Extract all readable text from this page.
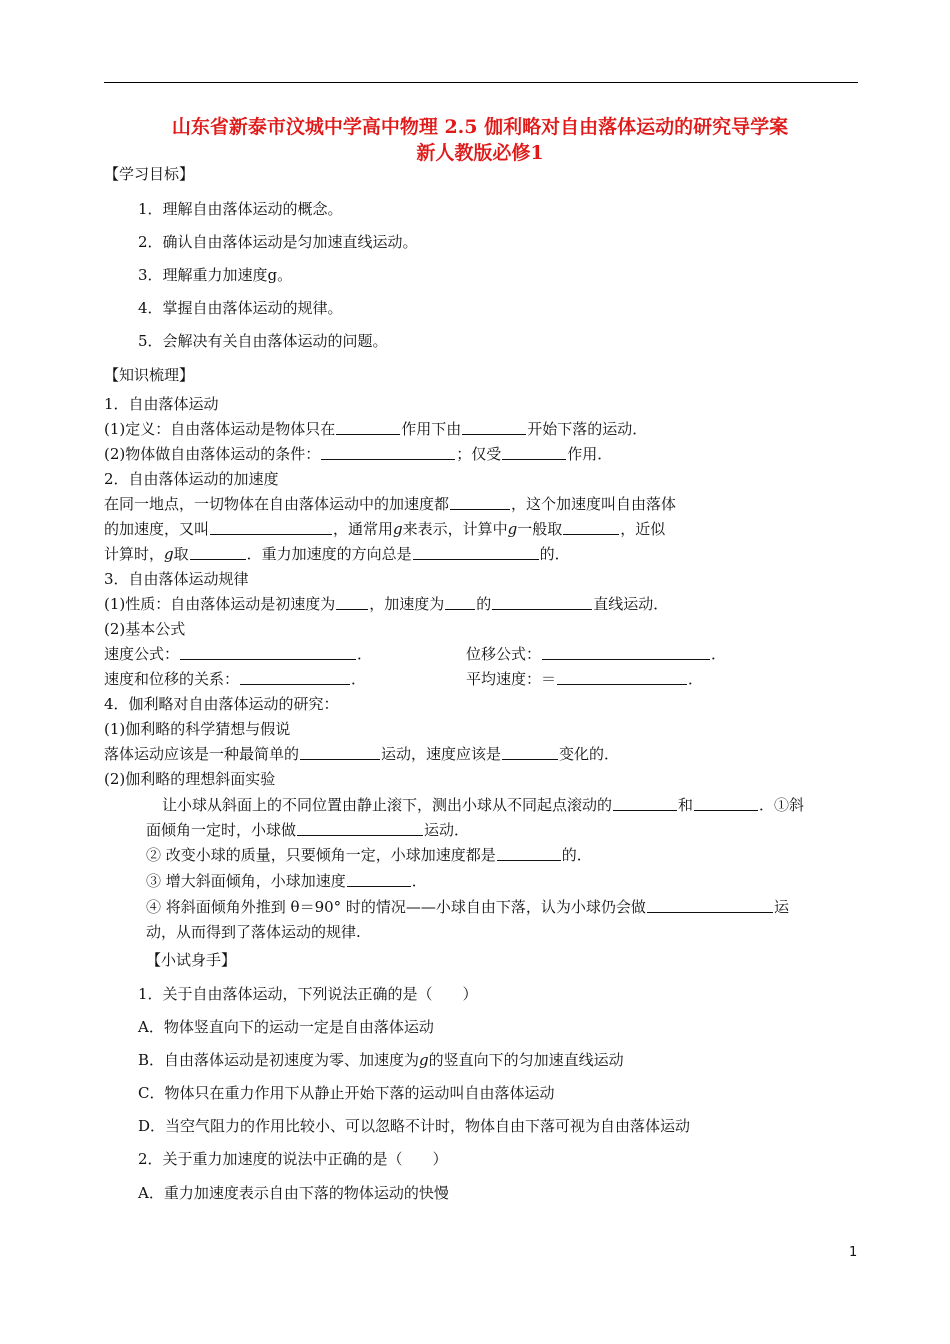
山东省新泰市汶城中学高中物理 2.5 伽利略对自由落体运动的研究导学案
新人教版必修1
【学习目标】
1．理解自由落体运动的概念。
2．确认自由落体运动是匀加速直线运动。
3．理解重力加速度g。
4．掌握自由落体运动的规律。
5．会解决有关自由落体运动的问题。
【知识梳理】
1．自由落体运动
(1)定义：自由落体运动是物体只在	作用下由	开始下落的运动．
(2)物体做自由落体运动的条件：	；仅受	作用．
2．自由落体运动的加速度
在同一地点，一切物体在自由落体运动中的加速度都	，这个加速度叫自由落体
的加速度，又叫	，通常用g来表示，计算中g一般取	，近似
计算时，g取	．重力加速度的方向总是	的．
3．自由落体运动规律
(1)性质：自由落体运动是初速度为 ，加速度为 的	直线运动．
(2)基本公式
速度公式：	．	位移公式：	．
速度和位移的关系：	．	平均速度：＝	．
4．伽利略对自由落体运动的研究：
(1)伽利略的科学猜想与假说
落体运动应该是一种最简单的	运动，速度应该是	变化的．
(2)伽利略的理想斜面实验
让小球从斜面上的不同位置由静止滚下，测出小球从不同起点滚动的	和	．①斜
面倾角一定时，小球做	运动．
② 改变小球的质量，只要倾角一定，小球加速度都是	的．
③ 增大斜面倾角，小球加速度	．
④ 将斜面倾角外推到 θ＝90° 时的情况——小球自由下落，认为小球仍会做	运
动，从而得到了落体运动的规律.
【小试身手】
1．关于自由落体运动，下列说法正确的是（　　）
A．物体竖直向下的运动一定是自由落体运动
B．自由落体运动是初速度为零、加速度为g的竖直向下的匀加速直线运动
C．物体只在重力作用下从静止开始下落的运动叫自由落体运动
D．当空气阻力的作用比较小、可以忽略不计时，物体自由下落可视为自由落体运动
2．关于重力加速度的说法中正确的是（　　）
A．重力加速度表示自由下落的物体运动的快慢
1
